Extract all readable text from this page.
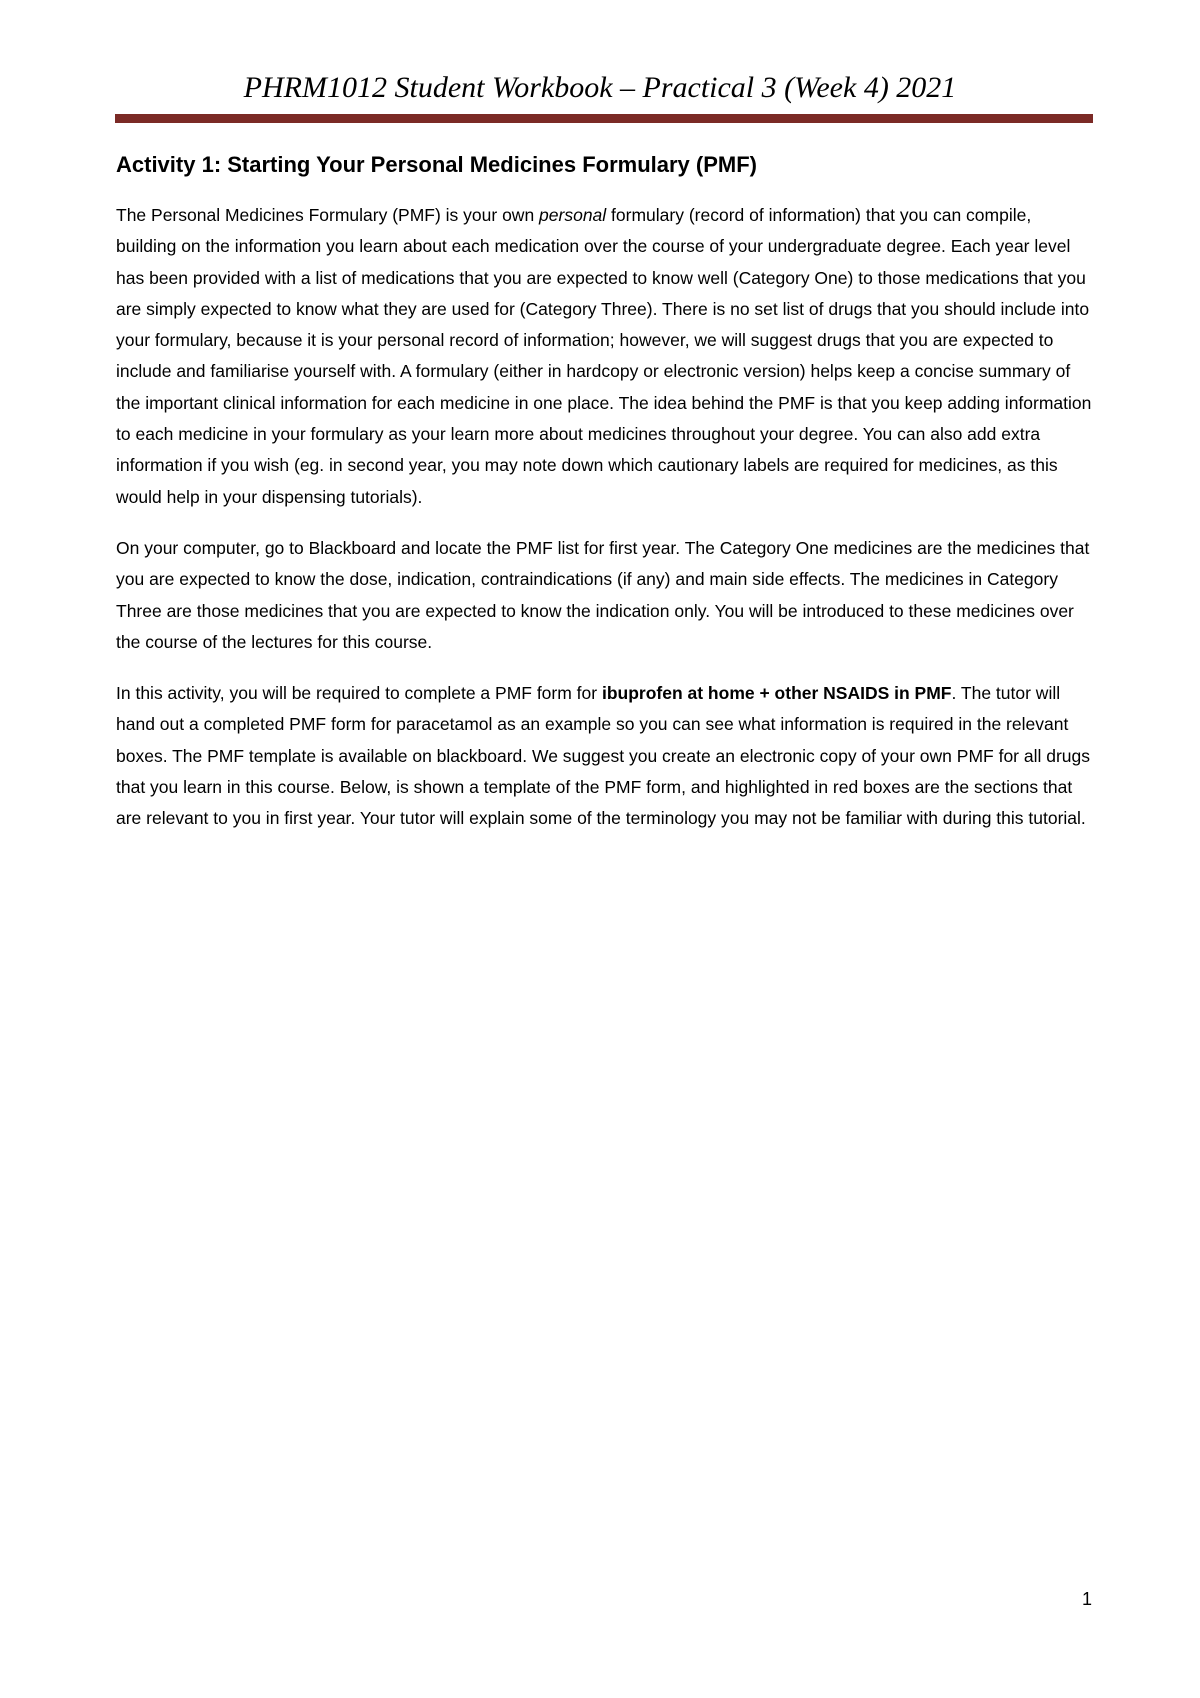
PHRM1012 Student Workbook – Practical 3 (Week 4) 2021
Activity 1: Starting Your Personal Medicines Formulary (PMF)

The Personal Medicines Formulary (PMF) is your own personal formulary (record of information) that you can compile, building on the information you learn about each medication over the course of your undergraduate degree. Each year level has been provided with a list of medications that you are expected to know well (Category One) to those medications that you are simply expected to know what they are used for (Category Three). There is no set list of drugs that you should include into your formulary, because it is your personal record of information; however, we will suggest drugs that you are expected to include and familiarise yourself with. A formulary (either in hardcopy or electronic version) helps keep a concise summary of the important clinical information for each medicine in one place. The idea behind the PMF is that you keep adding information to each medicine in your formulary as your learn more about medicines throughout your degree. You can also add extra information if you wish (eg. in second year, you may note down which cautionary labels are required for medicines, as this would help in your dispensing tutorials).

On your computer, go to Blackboard and locate the PMF list for first year. The Category One medicines are the medicines that you are expected to know the dose, indication, contraindications (if any) and main side effects. The medicines in Category Three are those medicines that you are expected to know the indication only. You will be introduced to these medicines over the course of the lectures for this course.

In this activity, you will be required to complete a PMF form for ibuprofen at home + other NSAIDS in PMF. The tutor will hand out a completed PMF form for paracetamol as an example so you can see what information is required in the relevant boxes. The PMF template is available on blackboard. We suggest you create an electronic copy of your own PMF for all drugs that you learn in this course. Below, is shown a template of the PMF form, and highlighted in red boxes are the sections that are relevant to you in first year. Your tutor will explain some of the terminology you may not be familiar with during this tutorial.

1
